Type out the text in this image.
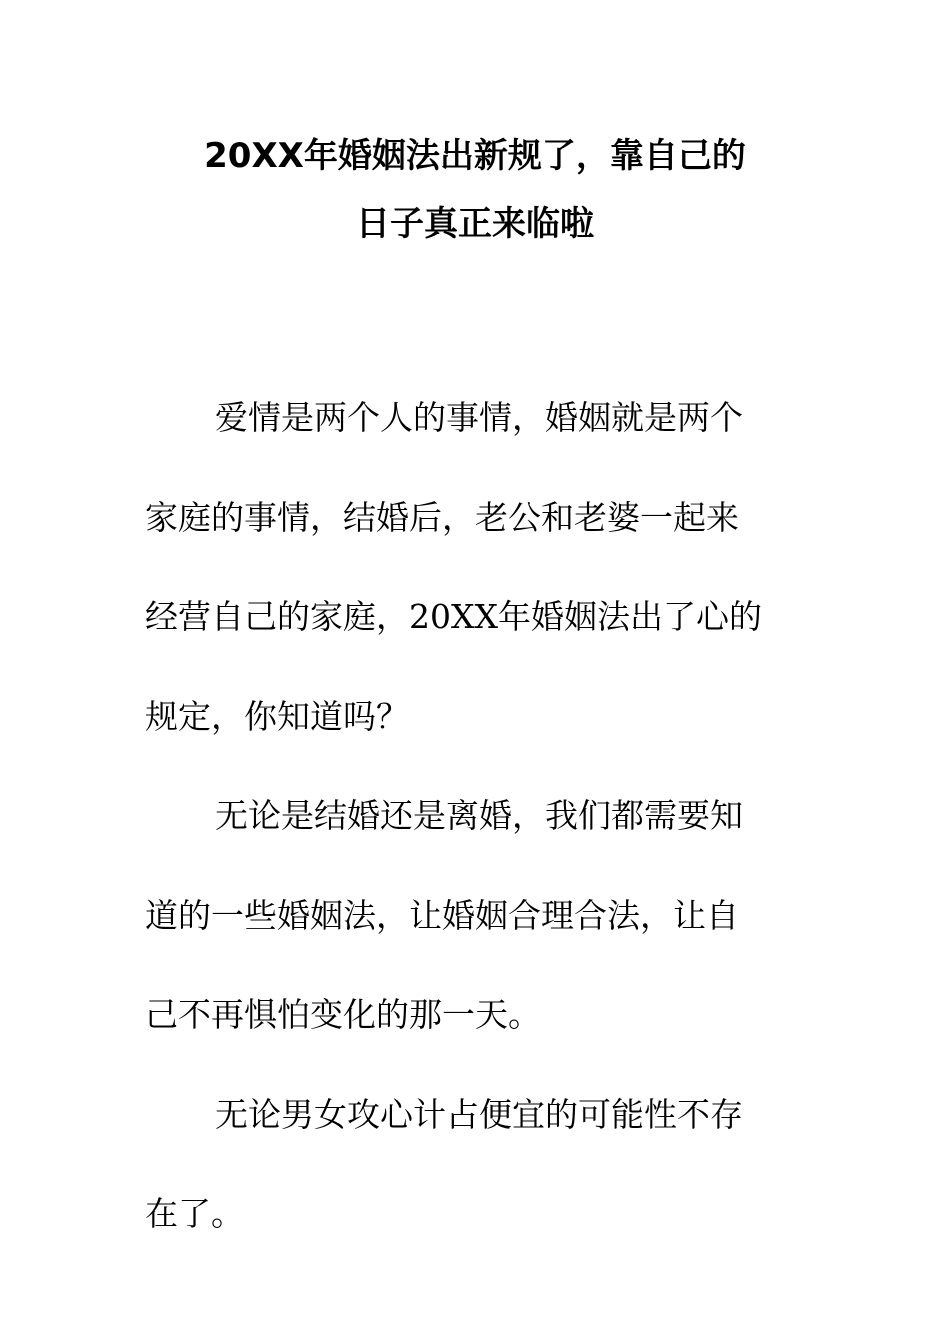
20XX年婚姻法出新规了，靠自己的
日子真正来临啦

爱情是两个人的事情，婚姻就是两个
家庭的事情，结婚后，老公和老婆一起来
经营自己的家庭，20XX年婚姻法出了心的
规定，你知道吗？

无论是结婚还是离婚，我们都需要知
道的一些婚姻法，让婚姻合理合法，让自
己不再惧怕变化的那一天。

无论男女攻心计占便宜的可能性不存
在了。
